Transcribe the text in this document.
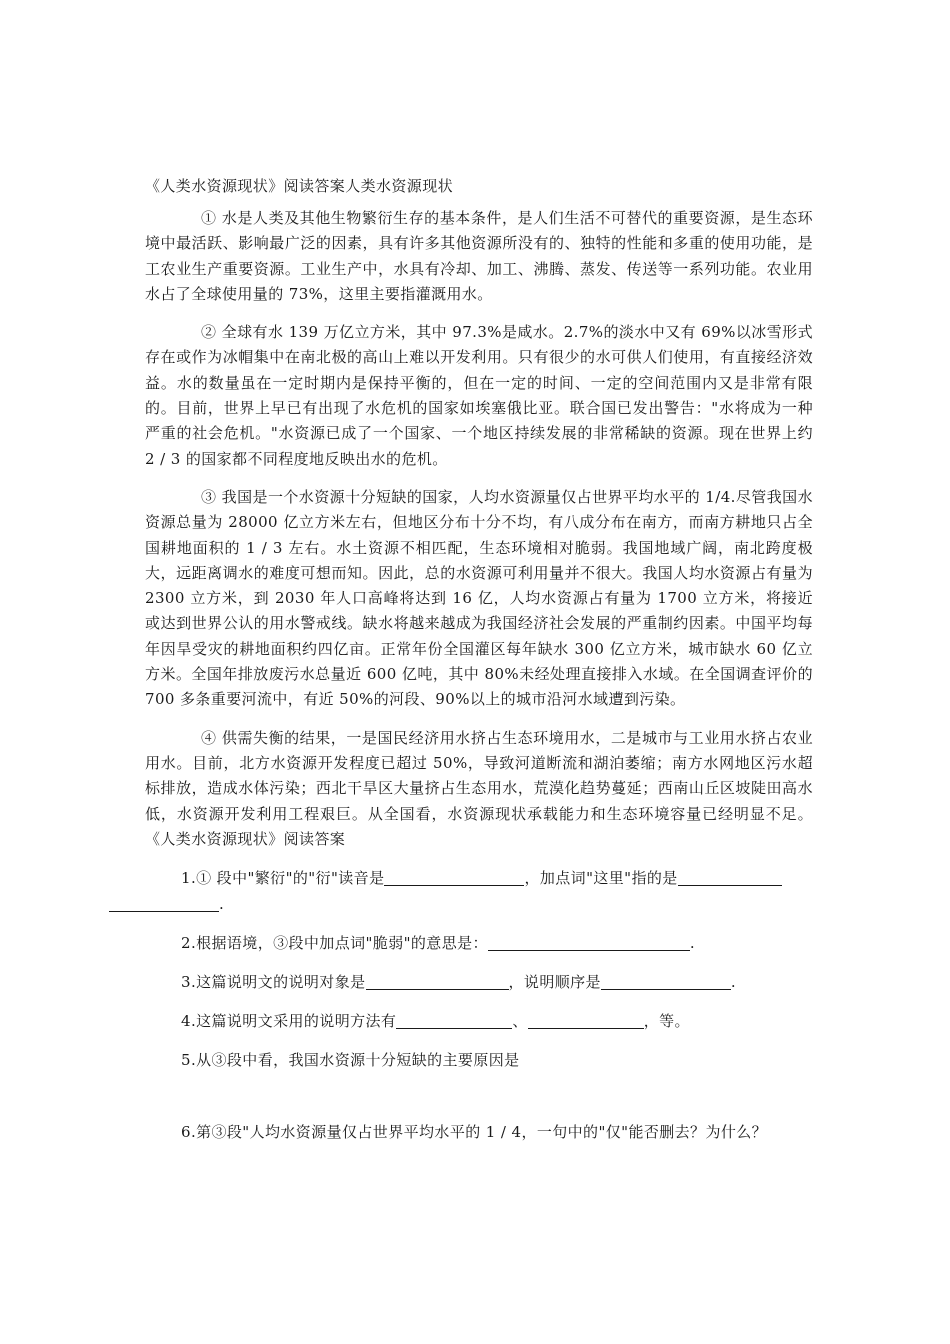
《人类水资源现状》阅读答案人类水资源现状

① 水是人类及其他生物繁衍生存的基本条件，是人们生活不可替代的重要资源，是生态环境中最活跃、影响最广泛的因素，具有许多其他资源所没有的、独特的性能和多重的使用功能，是工农业生产重要资源。工业生产中，水具有冷却、加工、沸腾、蒸发、传送等一系列功能。农业用水占了全球使用量的 73%，这里主要指灌溉用水。

② 全球有水 139 万亿立方米，其中 97.3%是咸水。2.7%的淡水中又有 69%以冰雪形式存在或作为冰帽集中在南北极的高山上难以开发利用。只有很少的水可供人们使用，有直接经济效益。水的数量虽在一定时期内是保持平衡的，但在一定的时间、一定的空间范围内又是非常有限的。目前，世界上早已有出现了水危机的国家如埃塞俄比亚。联合国已发出警告："水将成为一种严重的社会危机。"水资源已成了一个国家、一个地区持续发展的非常稀缺的资源。现在世界上约 2 / 3 的国家都不同程度地反映出水的危机。

③ 我国是一个水资源十分短缺的国家，人均水资源量仅占世界平均水平的 1/4.尽管我国水资源总量为 28000 亿立方米左右，但地区分布十分不均，有八成分布在南方，而南方耕地只占全国耕地面积的 1 / 3 左右。水土资源不相匹配，生态环境相对脆弱。我国地域广阔，南北跨度极大，远距离调水的难度可想而知。因此，总的水资源可利用量并不很大。我国人均水资源占有量为 2300 立方米，到 2030 年人口高峰将达到 16 亿，人均水资源占有量为 1700 立方米，将接近或达到世界公认的用水警戒线。缺水将越来越成为我国经济社会发展的严重制约因素。中国平均每年因旱受灾的耕地面积约四亿亩。正常年份全国灌区每年缺水 300 亿立方米，城市缺水 60 亿立方米。全国年排放废污水总量近 600 亿吨，其中 80%未经处理直接排入水域。在全国调查评价的 700 多条重要河流中，有近 50%的河段、90%以上的城市沿河水域遭到污染。

④ 供需失衡的结果，一是国民经济用水挤占生态环境用水，二是城市与工业用水挤占农业用水。目前，北方水资源开发程度已超过 50%，导致河道断流和湖泊萎缩；南方水网地区污水超标排放，造成水体污染；西北干旱区大量挤占生态用水，荒漠化趋势蔓延；西南山丘区坡陡田高水低，水资源开发利用工程艰巨。从全国看，水资源现状承载能力和生态环境容量已经明显不足。《人类水资源现状》阅读答案

1.① 段中"繁衍"的"衍"读音是	，加点词"这里"指的是
.

2.根据语境，③段中加点词"脆弱"的意思是：	.

3.这篇说明文的说明对象是	，说明顺序是	.

4.这篇说明文采用的说明方法有	、	，等。

5.从③段中看，我国水资源十分短缺的主要原因是

6.第③段"人均水资源量仅占世界平均水平的 1 / 4，一句中的"仅"能否删去？为什么？
